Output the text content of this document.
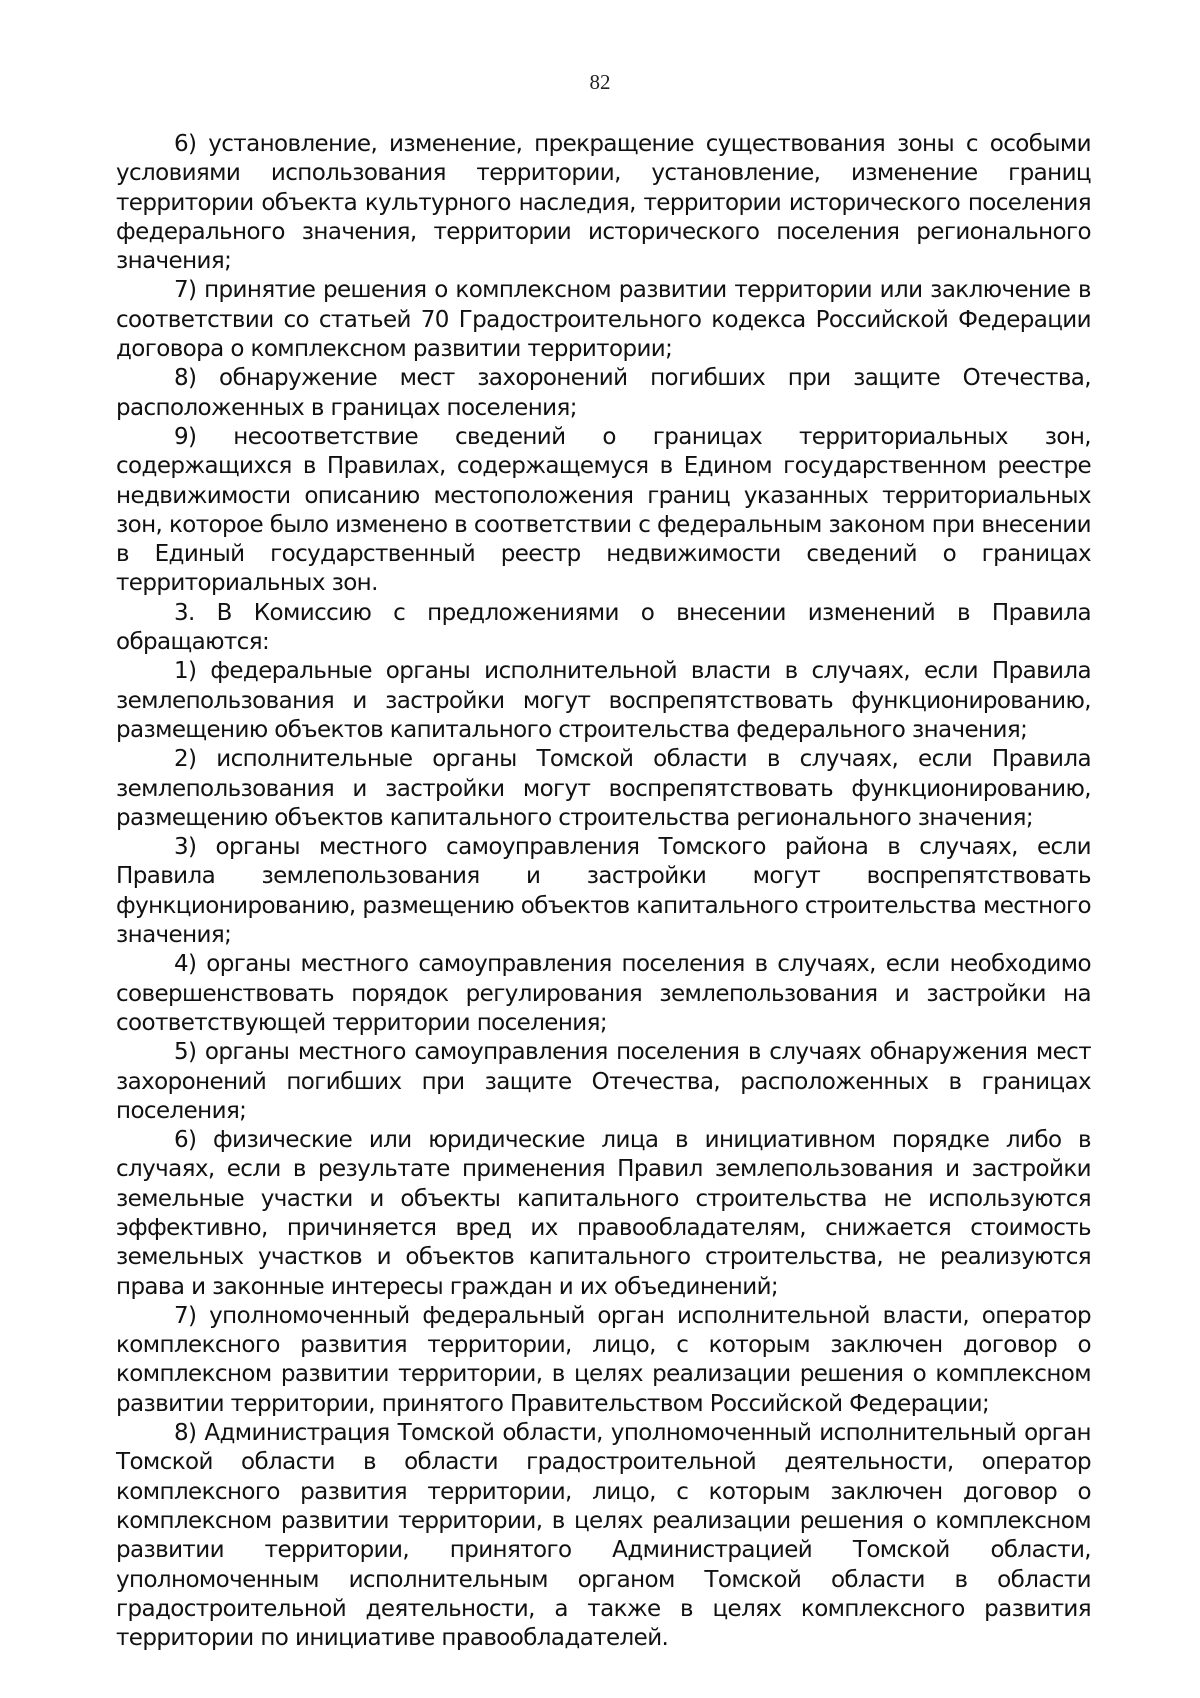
82

6) установление, изменение, прекращение существования зоны с особыми условиями использования территории, установление, изменение границ территории объекта культурного наследия, территории исторического поселения федерального значения, территории исторического поселения регионального значения;

7) принятие решения о комплексном развитии территории или заключение в соответствии со статьей 70 Градостроительного кодекса Российской Федерации договора о комплексном развитии территории;

8) обнаружение мест захоронений погибших при защите Отечества, расположенных в границах поселения;

9) несоответствие сведений о границах территориальных зон, содержащихся в Правилах, содержащемуся в Едином государственном реестре недвижимости описанию местоположения границ указанных территориальных зон, которое было изменено в соответствии с федеральным законом при внесении в Единый государственный реестр недвижимости сведений о границах территориальных зон.

3. В Комиссию с предложениями о внесении изменений в Правила обращаются:

1) федеральные органы исполнительной власти в случаях, если Правила землепользования и застройки могут воспрепятствовать функционированию, размещению объектов капитального строительства федерального значения;

2) исполнительные органы Томской области в случаях, если Правила землепользования и застройки могут воспрепятствовать функционированию, размещению объектов капитального строительства регионального значения;

3) органы местного самоуправления Томского района в случаях, если Правила землепользования и застройки могут воспрепятствовать функционированию, размещению объектов капитального строительства местного значения;

4) органы местного самоуправления поселения в случаях, если необходимо совершенствовать порядок регулирования землепользования и застройки на соответствующей территории поселения;

5) органы местного самоуправления поселения в случаях обнаружения мест захоронений погибших при защите Отечества, расположенных в границах поселения;

6) физические или юридические лица в инициативном порядке либо в случаях, если в результате применения Правил землепользования и застройки земельные участки и объекты капитального строительства не используются эффективно, причиняется вред их правообладателям, снижается стоимость земельных участков и объектов капитального строительства, не реализуются права и законные интересы граждан и их объединений;

7) уполномоченный федеральный орган исполнительной власти, оператор комплексного развития территории, лицо, с которым заключен договор о комплексном развитии территории, в целях реализации решения о комплексном развитии территории, принятого Правительством Российской Федерации;

8) Администрация Томской области, уполномоченный исполнительный орган Томской области в области градостроительной деятельности, оператор комплексного развития территории, лицо, с которым заключен договор о комплексном развитии территории, в целях реализации решения о комплексном развитии территории, принятого Администрацией Томской области, уполномоченным исполнительным органом Томской области в области градостроительной деятельности, а также в целях комплексного развития территории по инициативе правообладателей.
